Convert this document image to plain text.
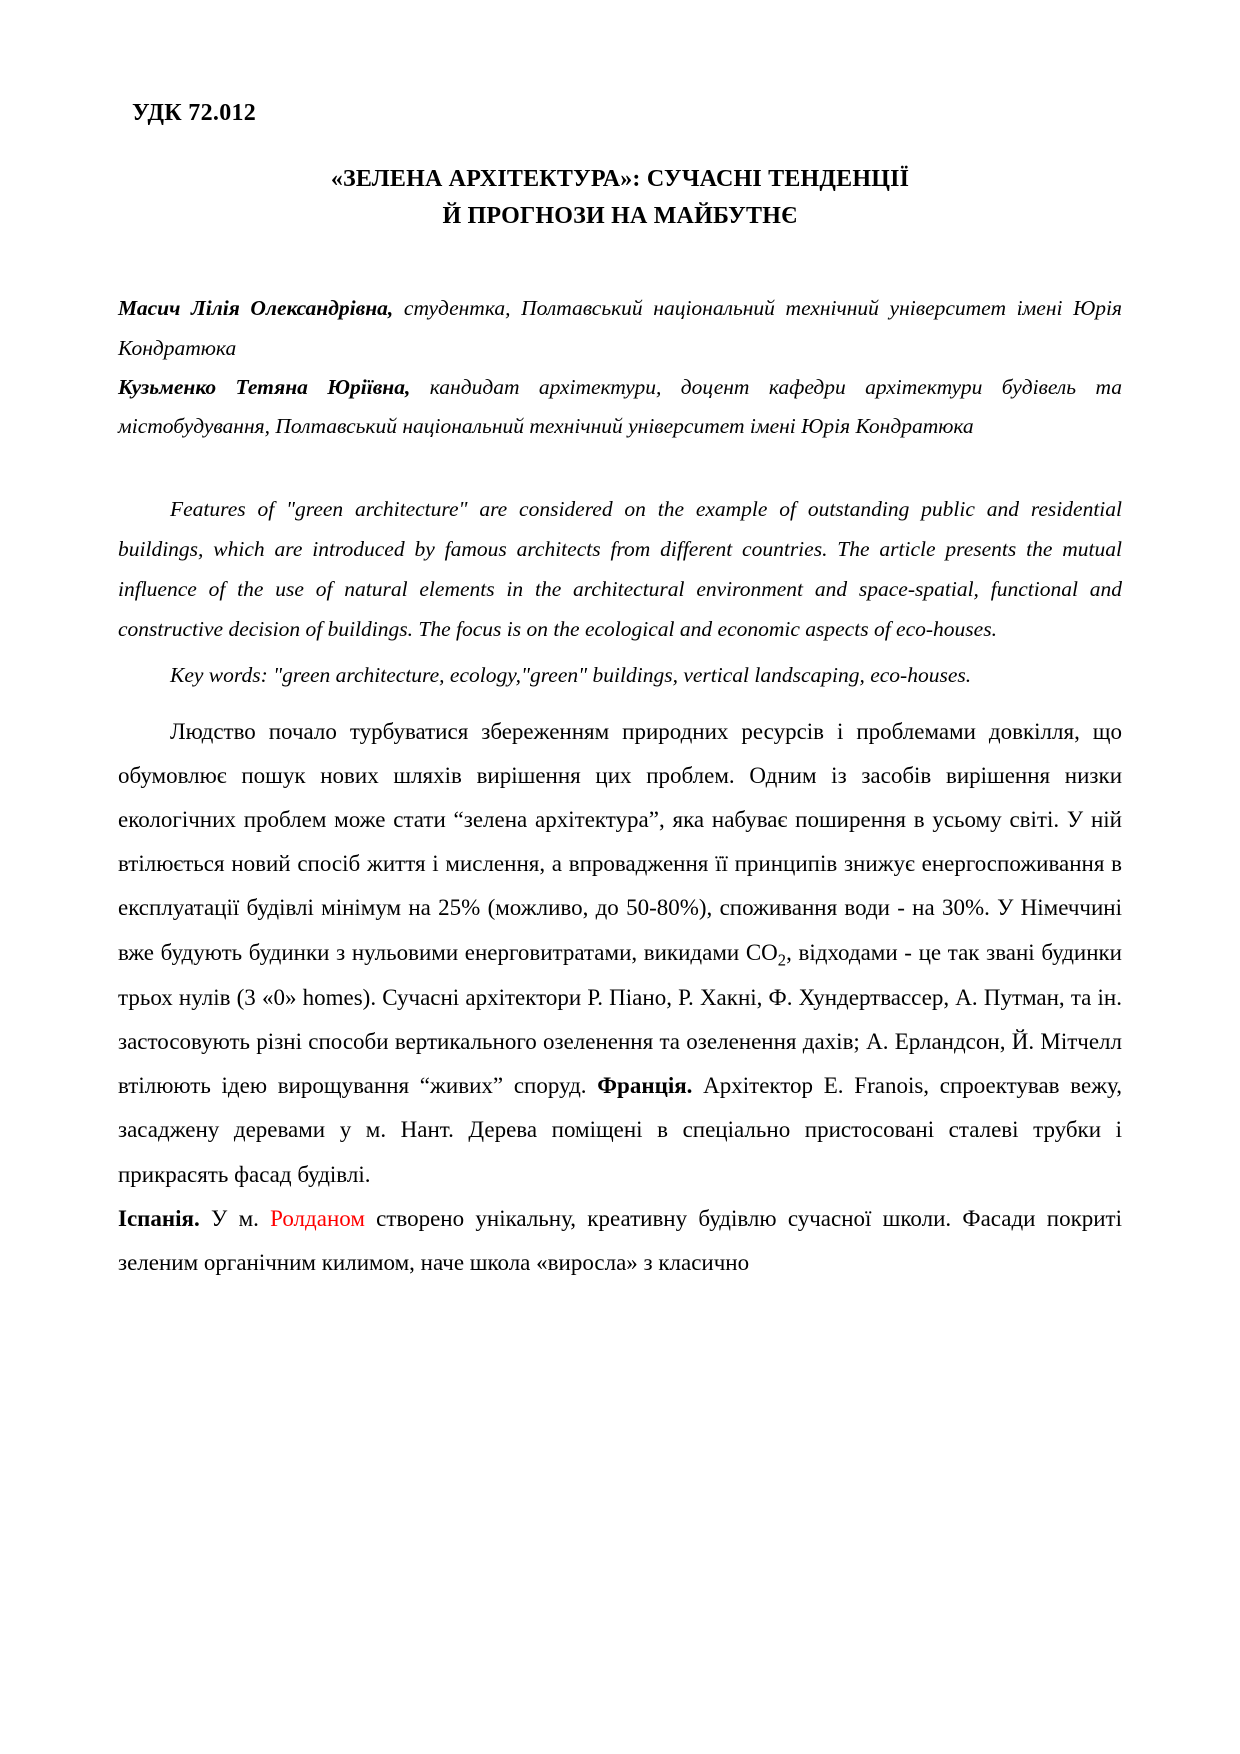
УДК 72.012
«ЗЕЛЕНА АРХІТЕКТУРА»: СУЧАСНІ ТЕНДЕНЦІЇ
Й ПРОГНОЗИ НА МАЙБУТНЄ
Масич Лілія Олександрівна, студентка, Полтавський національний технічний університет імені Юрія Кондратюка
Кузьменко Тетяна Юріївна, кандидат архітектури, доцент кафедри архітектури будівель та містобудування, Полтавський національний технічний університет імені Юрія Кондратюка
Features of "green architecture" are considered on the example of outstanding public and residential buildings, which are introduced by famous architects from different countries. The article presents the mutual influence of the use of natural elements in the architectural environment and space-spatial, functional and constructive decision of buildings. The focus is on the ecological and economic aspects of eco-houses.
Key words: "green architecture, ecology,"green" buildings, vertical landscaping, eco-houses.

Людство почало турбуватися збереженням природних ресурсів і проблемами довкілля, що обумовлює пошук нових шляхів вирішення цих проблем. Одним із засобів вирішення низки екологічних проблем може стати “зелена архітектура”, яка набуває поширення в усьому світі. У ній втілюється новий спосіб життя і мислення, а впровадження її принципів знижує енергоспоживання в експлуатації будівлі мінімум на 25% (можливо, до 50-80%), споживання води - на 30%. У Німеччині вже будують будинки з нульовими енерговитратами, викидами $CO_2$, відходами - це так звані будинки трьох нулів (3 «0» homes). Сучасні архітектори Р. Піано, Р. Хакні, Ф. Хундертвассер, А. Путман, та ін. застосовують різні способи вертикального озеленення та озеленення дахів; А. Ерландсон, Й. Мітчелл втілюють ідею вирощування “живих” споруд. Франція. Архітектор E. Franois, спроектував вежу, засаджену деревами у м. Нант. Дерева поміщені в спеціально пристосовані сталеві трубки і прикрасять фасад будівлі.

Іспанія. У м. Ролданом створено унікальну, креативну будівлю сучасної школи. Фасади покриті зеленим органічним килимом, наче школа «виросла» з класично
